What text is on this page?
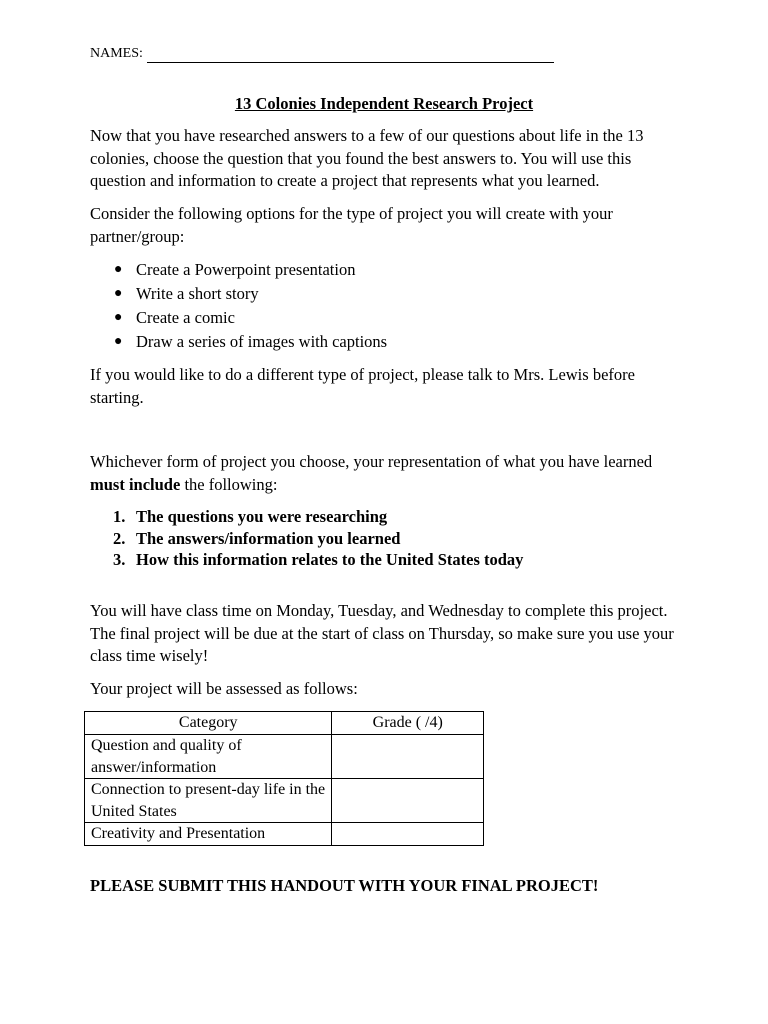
NAMES:
13 Colonies Independent Research Project

Now that you have researched answers to a few of our questions about life in the 13 colonies, choose the question that you found the best answers to. You will use this question and information to create a project that represents what you learned.

Consider the following options for the type of project you will create with your partner/group:

● Create a Powerpoint presentation
● Write a short story
● Create a comic
● Draw a series of images with captions

If you would like to do a different type of project, please talk to Mrs. Lewis before starting.

Whichever form of project you choose, your representation of what you have learned must include the following:

1. The questions you were researching
2. The answers/information you learned
3. How this information relates to the United States today

You will have class time on Monday, Tuesday, and Wednesday to complete this project. The final project will be due at the start of class on Thursday, so make sure you use your class time wisely!

Your project will be assessed as follows:

Category	Grade ( /4)
Question and quality of answer/information	
Connection to present-day life in the United States	
Creativity and Presentation	
PLEASE SUBMIT THIS HANDOUT WITH YOUR FINAL PROJECT!
